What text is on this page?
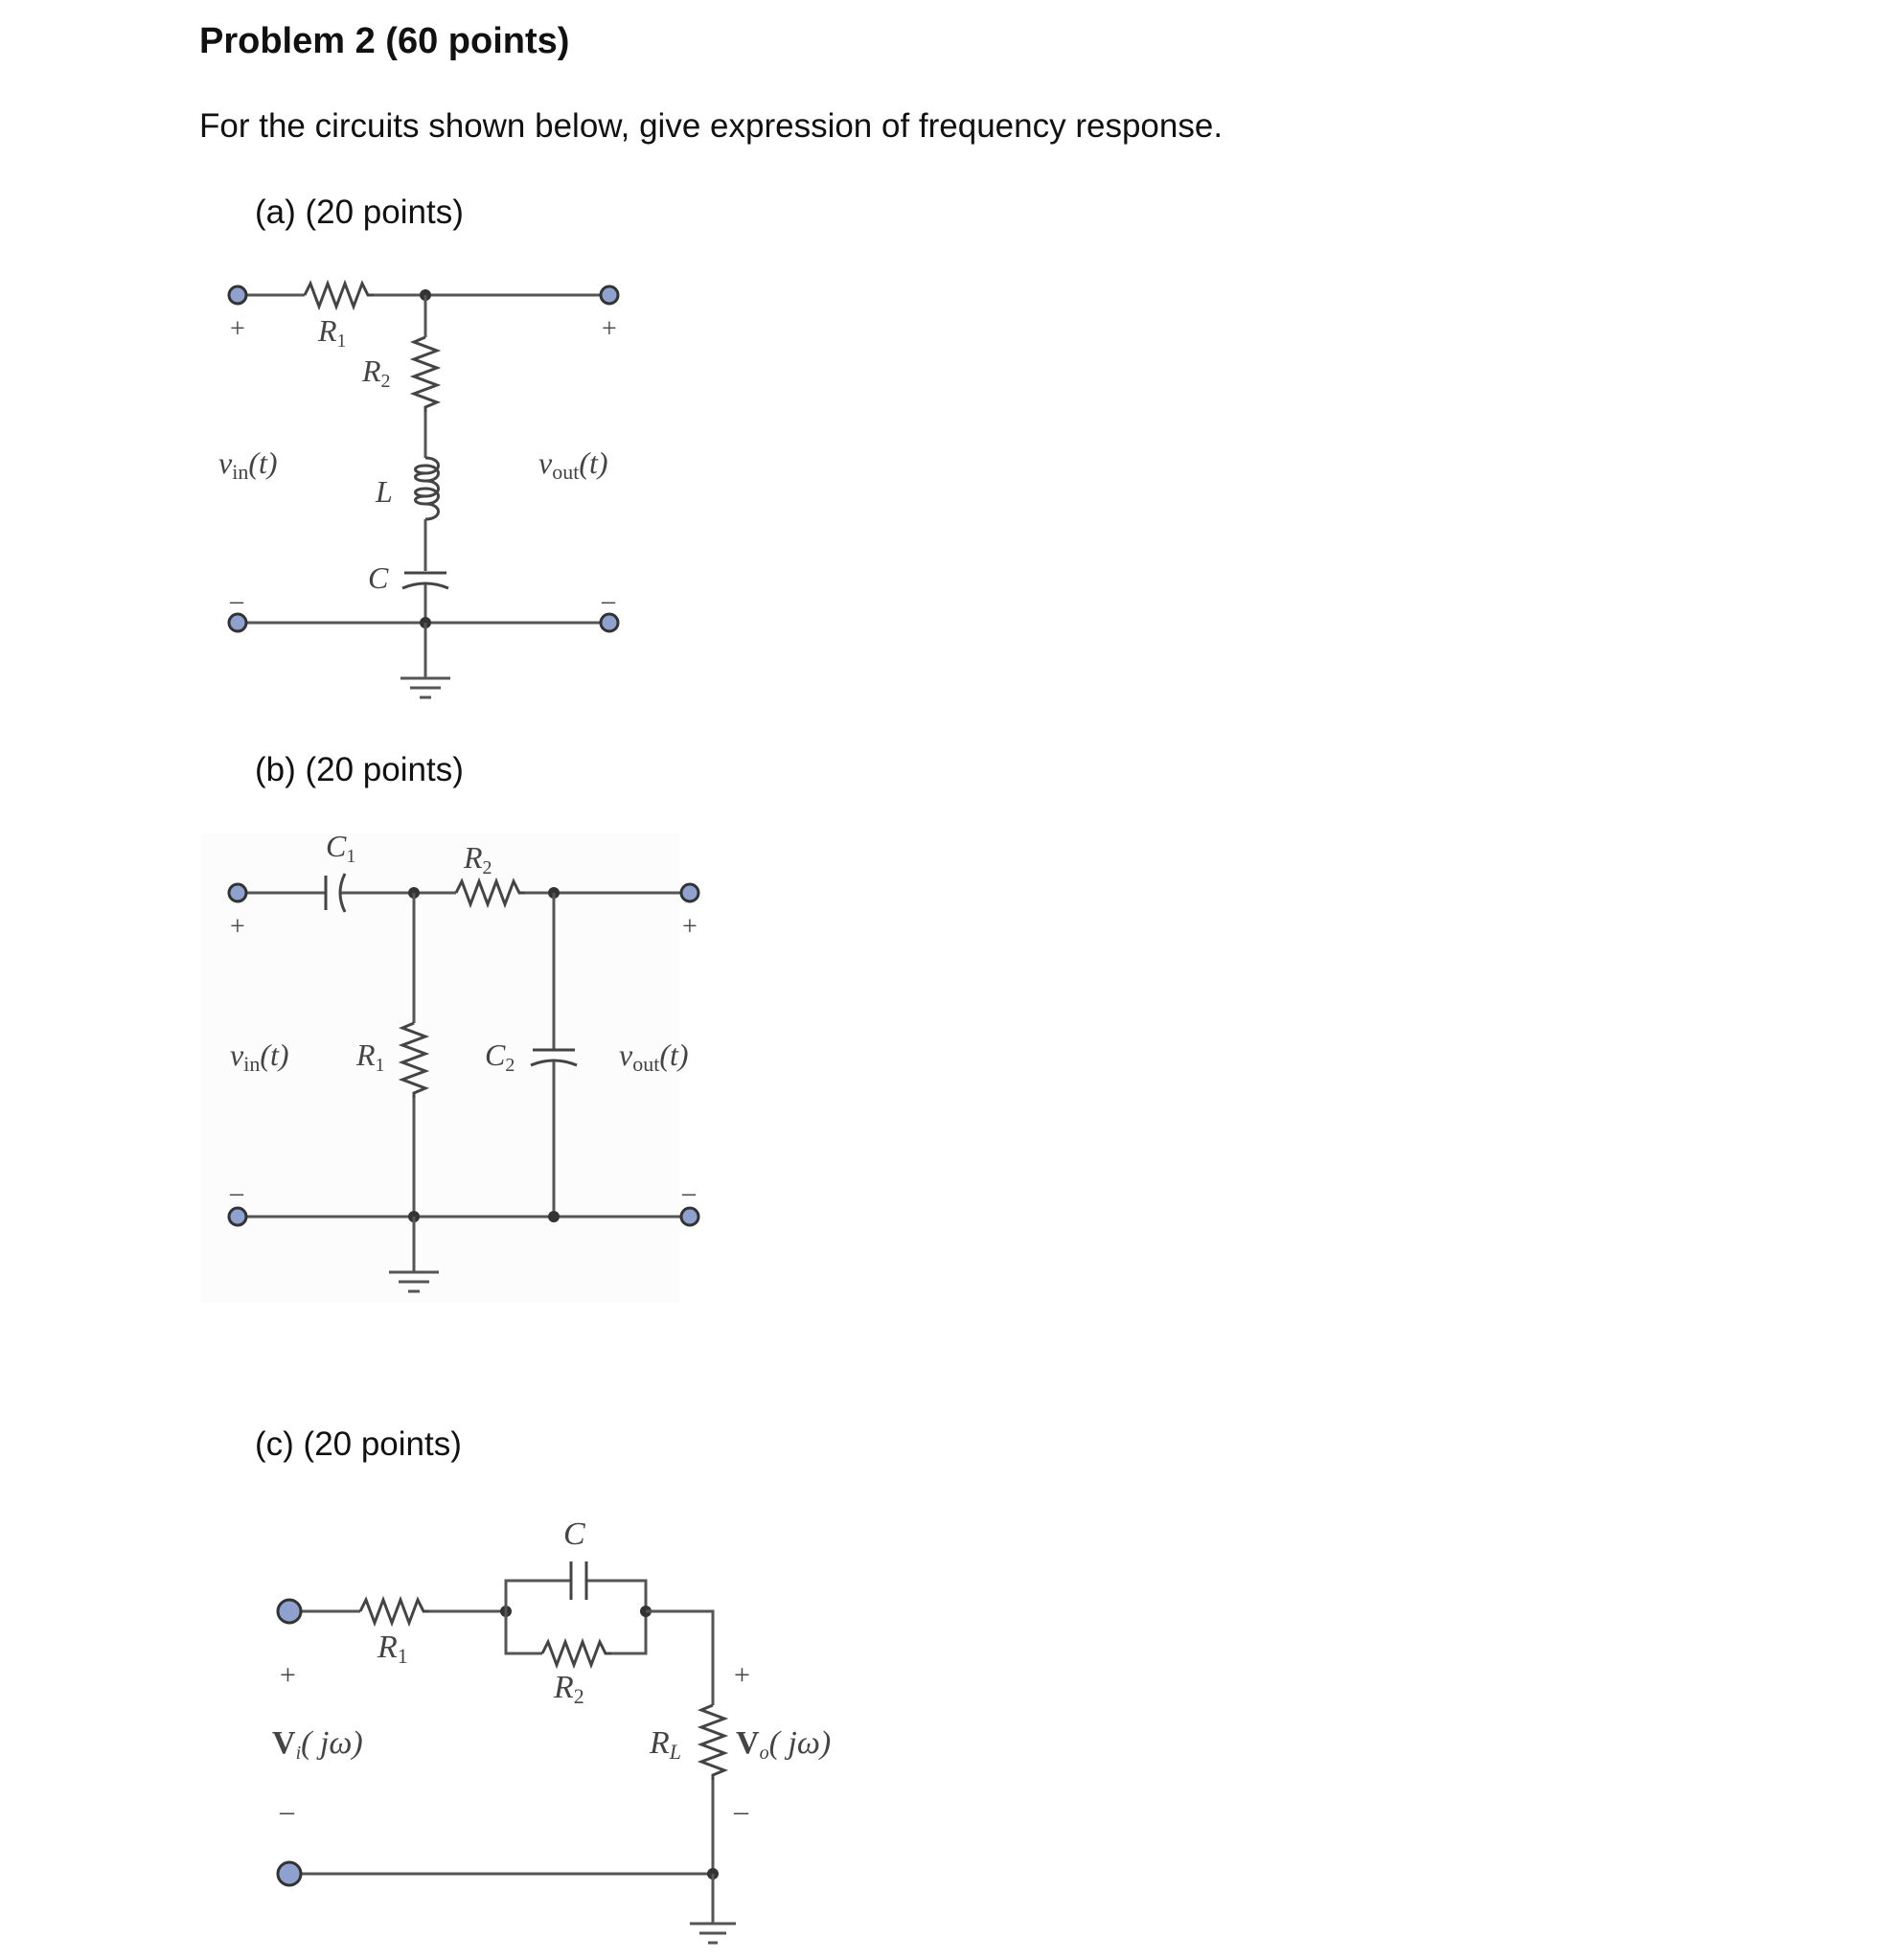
Problem 2 (60 points)
For the circuits shown below, give expression of frequency response.
(a) (20 points)
(b) (20 points)
(c) (20 points)
+	+
–	–
R1
R2
L
C
vin(t)	vout(t)
+	+
–	–
C1	R2
R1	C2
vin(t)	vout(t)
+
–
+
–
R1
C
R2
RL
Vi( jω)	Vo( jω)
